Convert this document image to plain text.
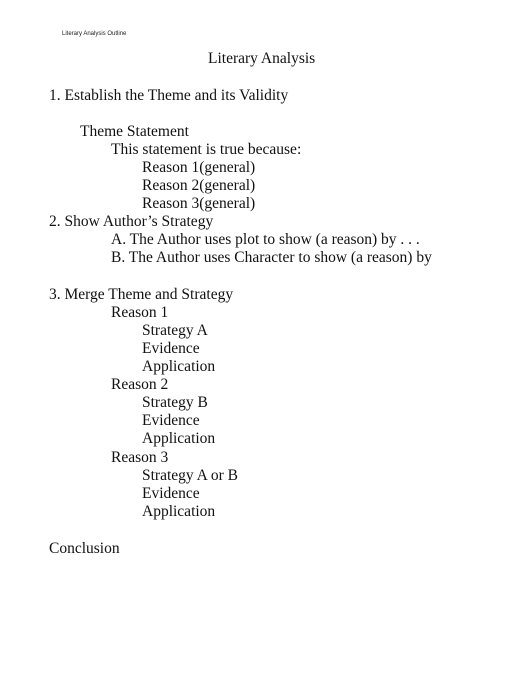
Literary Analysis Outline
Literary Analysis
1. Establish the Theme and its Validity
Theme Statement
This statement is true because:
Reason 1(general)
Reason 2(general)
Reason 3(general)
2. Show Author’s Strategy
A. The Author uses plot to show (a reason) by . . .
B. The Author uses Character to show (a reason) by
3. Merge Theme and Strategy
Reason 1
Strategy A
Evidence
Application
Reason 2
Strategy B
Evidence
Application
Reason 3
Strategy A or B
Evidence
Application
Conclusion
